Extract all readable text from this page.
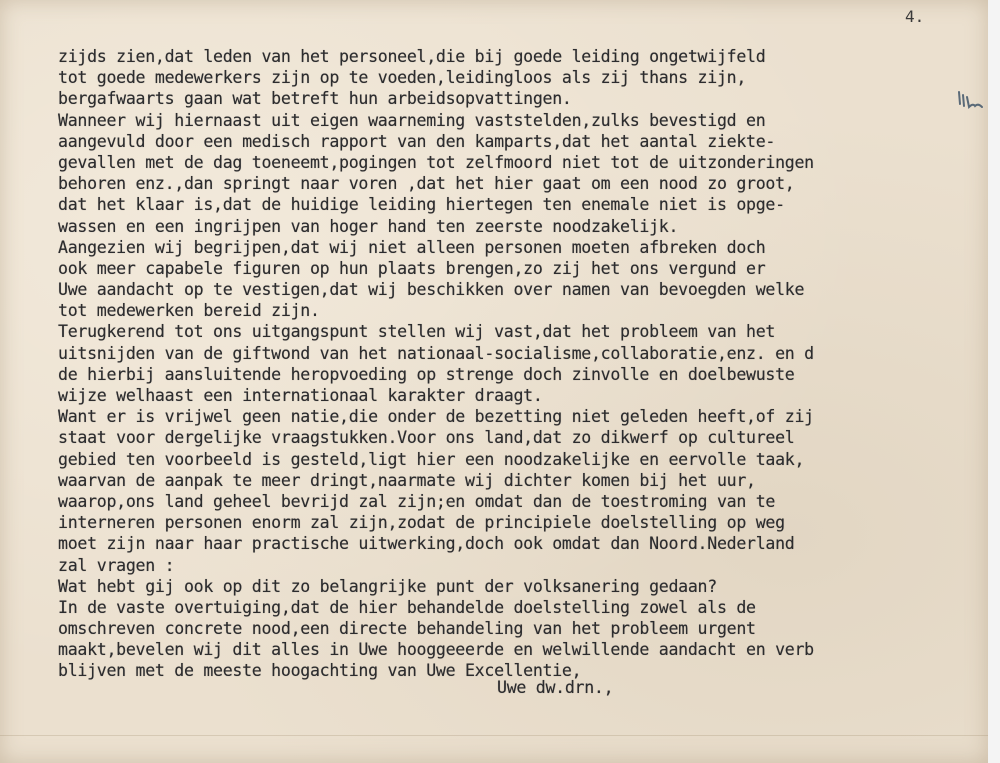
4.

zijds zien,dat leden van het personeel,die bij goede leiding ongetwijfeld
tot goede medewerkers zijn op te voeden,leidingloos als zij thans zijn,
bergafwaarts gaan wat betreft hun arbeidsopvattingen.
Wanneer wij hiernaast uit eigen waarneming vaststelden,zulks bevestigd en
aangevuld door een medisch rapport van den kamparts,dat het aantal ziekte-
gevallen met de dag toeneemt,pogingen tot zelfmoord niet tot de uitzonderingen
behoren enz.,dan springt naar voren ,dat het hier gaat om een nood zo groot,
dat het klaar is,dat de huidige leiding hiertegen ten enemale niet is opge-
wassen en een ingrijpen van hoger hand ten zeerste noodzakelijk.
Aangezien wij begrijpen,dat wij niet alleen personen moeten afbreken doch
ook meer capabele figuren op hun plaats brengen,zo zij het ons vergund er
Uwe aandacht op te vestigen,dat wij beschikken over namen van bevoegden welke
tot medewerken bereid zijn.
Terugkerend tot ons uitgangspunt stellen wij vast,dat het probleem van het
uitsnijden van de giftwond van het nationaal-socialisme,collaboratie,enz. en d
de hierbij aansluitende heropvoeding op strenge doch zinvolle en doelbewuste
wijze welhaast een internationaal karakter draagt.
Want er is vrijwel geen natie,die onder de bezetting niet geleden heeft,of zij
staat voor dergelijke vraagstukken.Voor ons land,dat zo dikwerf op cultureel
gebied ten voorbeeld is gesteld,ligt hier een noodzakelijke en eervolle taak,
waarvan de aanpak te meer dringt,naarmate wij dichter komen bij het uur,
waarop,ons land geheel bevrijd zal zijn;en omdat dan de toestroming van te
interneren personen enorm zal zijn,zodat de principiele doelstelling op weg
moet zijn naar haar practische uitwerking,doch ook omdat dan Noord.Nederland
zal vragen :
Wat hebt gij ook op dit zo belangrijke punt der volksanering gedaan?
In de vaste overtuiging,dat de hier behandelde doelstelling zowel als de
omschreven concrete nood,een directe behandeling van het probleem urgent
maakt,bevelen wij dit alles in Uwe hooggeeerde en welwillende aandacht en verb
blijven met de meeste hoogachting van Uwe Excellentie,

Uwe dw.drn.,
